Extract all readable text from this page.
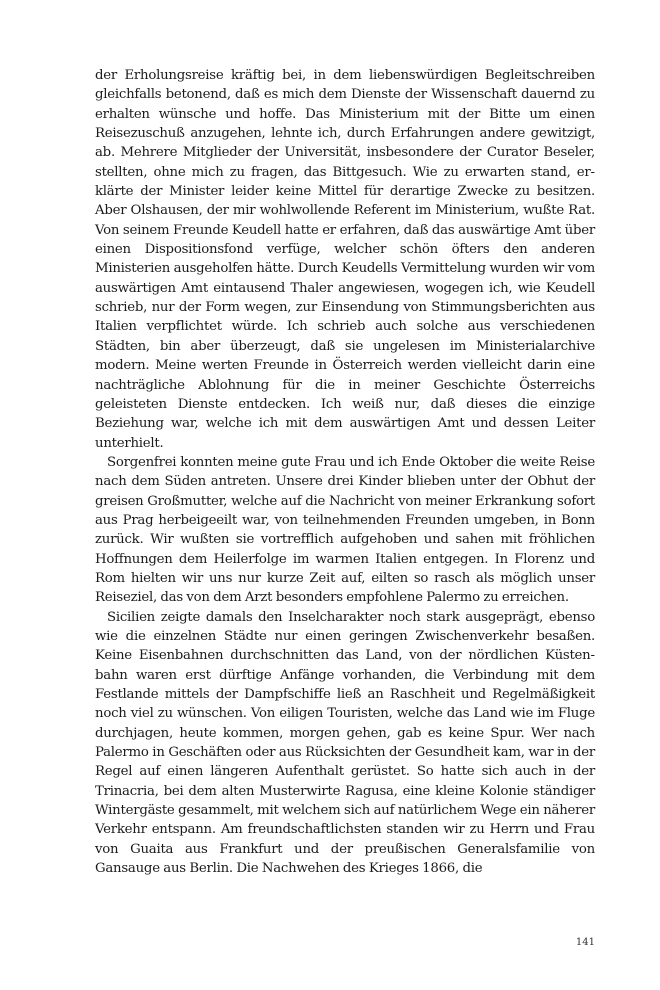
der Erholungsreise kräftig bei, in dem liebenswürdigen Begleitschreiben gleichfalls betonend, daß es mich dem Dienste der Wissenschaft dauernd zu erhalten wünsche und hoffe. Das Ministerium mit der Bitte um einen Reisezuschuß anzugehen, lehnte ich, durch Erfahrungen andere gewitzigt, ab. Mehrere Mitglieder der Universität, insbesondere der Curator Beseler, stellten, ohne mich zu fragen, das Bittgesuch. Wie zu erwarten stand, erklärte der Minister leider keine Mittel für derartige Zwecke zu besitzen. Aber Olshausen, der mir wohlwollende Referent im Ministerium, wußte Rat. Von seinem Freunde Keudell hatte er erfahren, daß das auswärtige Amt über einen Dispositionsfond verfüge, welcher schön öfters den anderen Ministerien ausgeholfen hätte. Durch Keudells Vermittelung wurden wir vom auswärtigen Amt eintausend Thaler angewiesen, wogegen ich, wie Keudell schrieb, nur der Form wegen, zur Einsendung von Stimmungsberichten aus Italien verpflichtet würde. Ich schrieb auch solche aus verschiedenen Städten, bin aber überzeugt, daß sie ungelesen im Ministerialarchive modern. Meine werten Freunde in Österreich werden vielleicht darin eine nachträgliche Ablohnung für die in meiner Geschichte Österreichs geleisteten Dienste entdecken. Ich weiß nur, daß dieses die einzige Beziehung war, welche ich mit dem auswärtigen Amt und dessen Leiter unterhielt.

Sorgenfrei konnten meine gute Frau und ich Ende Oktober die weite Reise nach dem Süden antreten. Unsere drei Kinder blieben unter der Obhut der greisen Großmutter, welche auf die Nachricht von meiner Erkrankung sofort aus Prag herbeigeeilt war, von teilnehmenden Freunden umgeben, in Bonn zurück. Wir wußten sie vortrefflich aufgehoben und sahen mit fröhlichen Hoffnungen dem Heilerfolge im warmen Italien entgegen. In Florenz und Rom hielten wir uns nur kurze Zeit auf, eilten so rasch als möglich unser Reiseziel, das von dem Arzt besonders empfohlene Palermo zu erreichen.

Sicilien zeigte damals den Inselcharakter noch stark ausgeprägt, ebenso wie die einzelnen Städte nur einen geringen Zwischenverkehr besaßen. Keine Eisenbahnen durchschnitten das Land, von der nördlichen Küstenbahn waren erst dürftige Anfänge vorhanden, die Verbindung mit dem Festlande mittels der Dampfschiffe ließ an Raschheit und Regelmäßigkeit noch viel zu wünschen. Von eiligen Touristen, welche das Land wie im Fluge durchjagen, heute kommen, morgen gehen, gab es keine Spur. Wer nach Palermo in Geschäften oder aus Rücksichten der Gesundheit kam, war in der Regel auf einen längeren Aufenthalt gerüstet. So hatte sich auch in der Trinacria, bei dem alten Musterwirte Ragusa, eine kleine Kolonie ständiger Wintergäste gesammelt, mit welchem sich auf natürlichem Wege ein näherer Verkehr entspann. Am freundschaftlichsten standen wir zu Herrn und Frau von Guaita aus Frankfurt und der preußischen Generalsfamilie von Gansauge aus Berlin. Die Nachwehen des Krieges 1866, die

141
